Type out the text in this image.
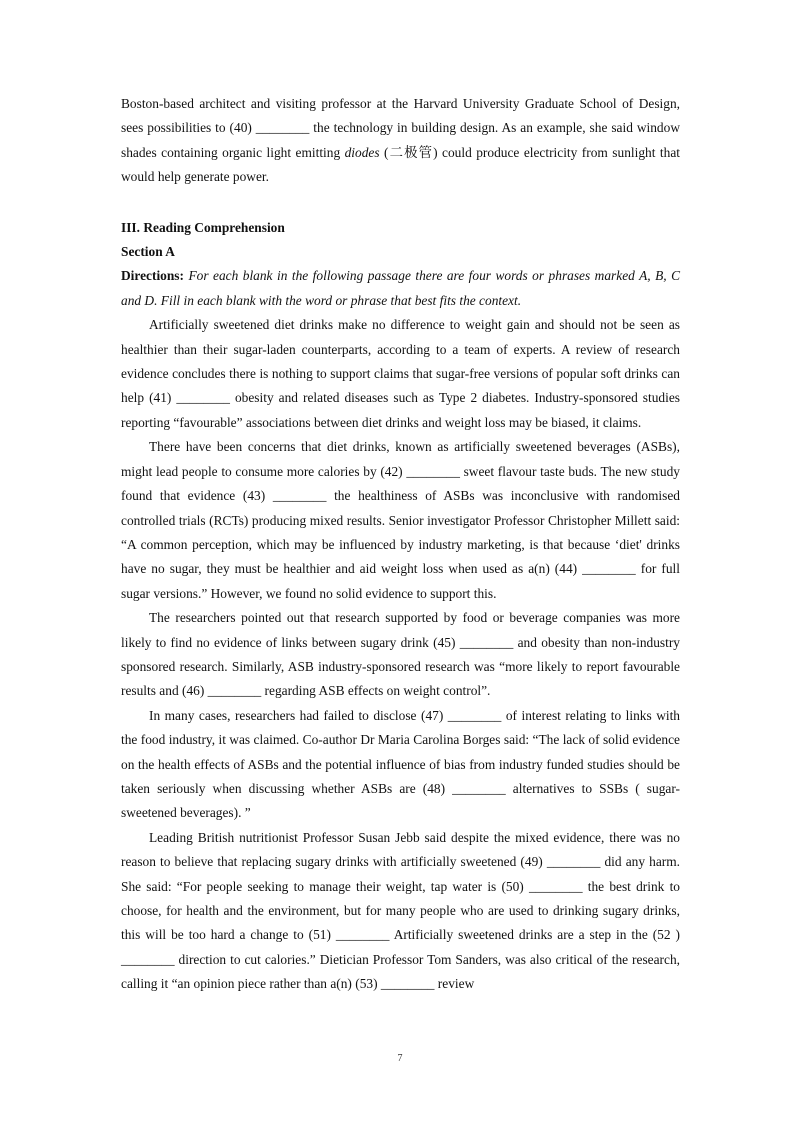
Boston-based architect and visiting professor at the Harvard University Graduate School of Design, sees possibilities to (40) ________ the technology in building design. As an example, she said window shades containing organic light emitting diodes (二极管) could produce electricity from sunlight that would help generate power.

III. Reading Comprehension

Section A

Directions: For each blank in the following passage there are four words or phrases marked A, B, C and D. Fill in each blank with the word or phrase that best fits the context.

Artificially sweetened diet drinks make no difference to weight gain and should not be seen as healthier than their sugar-laden counterparts, according to a team of experts. A review of research evidence concludes there is nothing to support claims that sugar-free versions of popular soft drinks can help (41) ________ obesity and related diseases such as Type 2 diabetes. Industry-sponsored studies reporting “favourable” associations between diet drinks and weight loss may be biased, it claims.

There have been concerns that diet drinks, known as artificially sweetened beverages (ASBs), might lead people to consume more calories by (42) ________ sweet flavour taste buds. The new study found that evidence (43) ________ the healthiness of ASBs was inconclusive with randomised controlled trials (RCTs) producing mixed results. Senior investigator Professor Christopher Millett said: “A common perception, which may be influenced by industry marketing, is that because ‘diet' drinks have no sugar, they must be healthier and aid weight loss when used as a(n) (44) ________ for full sugar versions.” However, we found no solid evidence to support this.

The researchers pointed out that research supported by food or beverage companies was more likely to find no evidence of links between sugary drink (45) ________ and obesity than non-industry sponsored research. Similarly, ASB industry-sponsored research was “more likely to report favourable results and (46) ________ regarding ASB effects on weight control”.

In many cases, researchers had failed to disclose (47) ________ of interest relating to links with the food industry, it was claimed. Co-author Dr Maria Carolina Borges said: “The lack of solid evidence on the health effects of ASBs and the potential influence of bias from industry funded studies should be taken seriously when discussing whether ASBs are (48) ________ alternatives to SSBs ( sugar-sweetened beverages). ”

Leading British nutritionist Professor Susan Jebb said despite the mixed evidence, there was no reason to believe that replacing sugary drinks with artificially sweetened (49) ________ did any harm. She said: “For people seeking to manage their weight, tap water is (50) ________ the best drink to choose, for health and the environment, but for many people who are used to drinking sugary drinks, this will be too hard a change to (51) ________ Artificially sweetened drinks are a step in the (52 ) ________ direction to cut calories.” Dietician Professor Tom Sanders, was also critical of the research, calling it “an opinion piece rather than a(n) (53) ________ review

7
